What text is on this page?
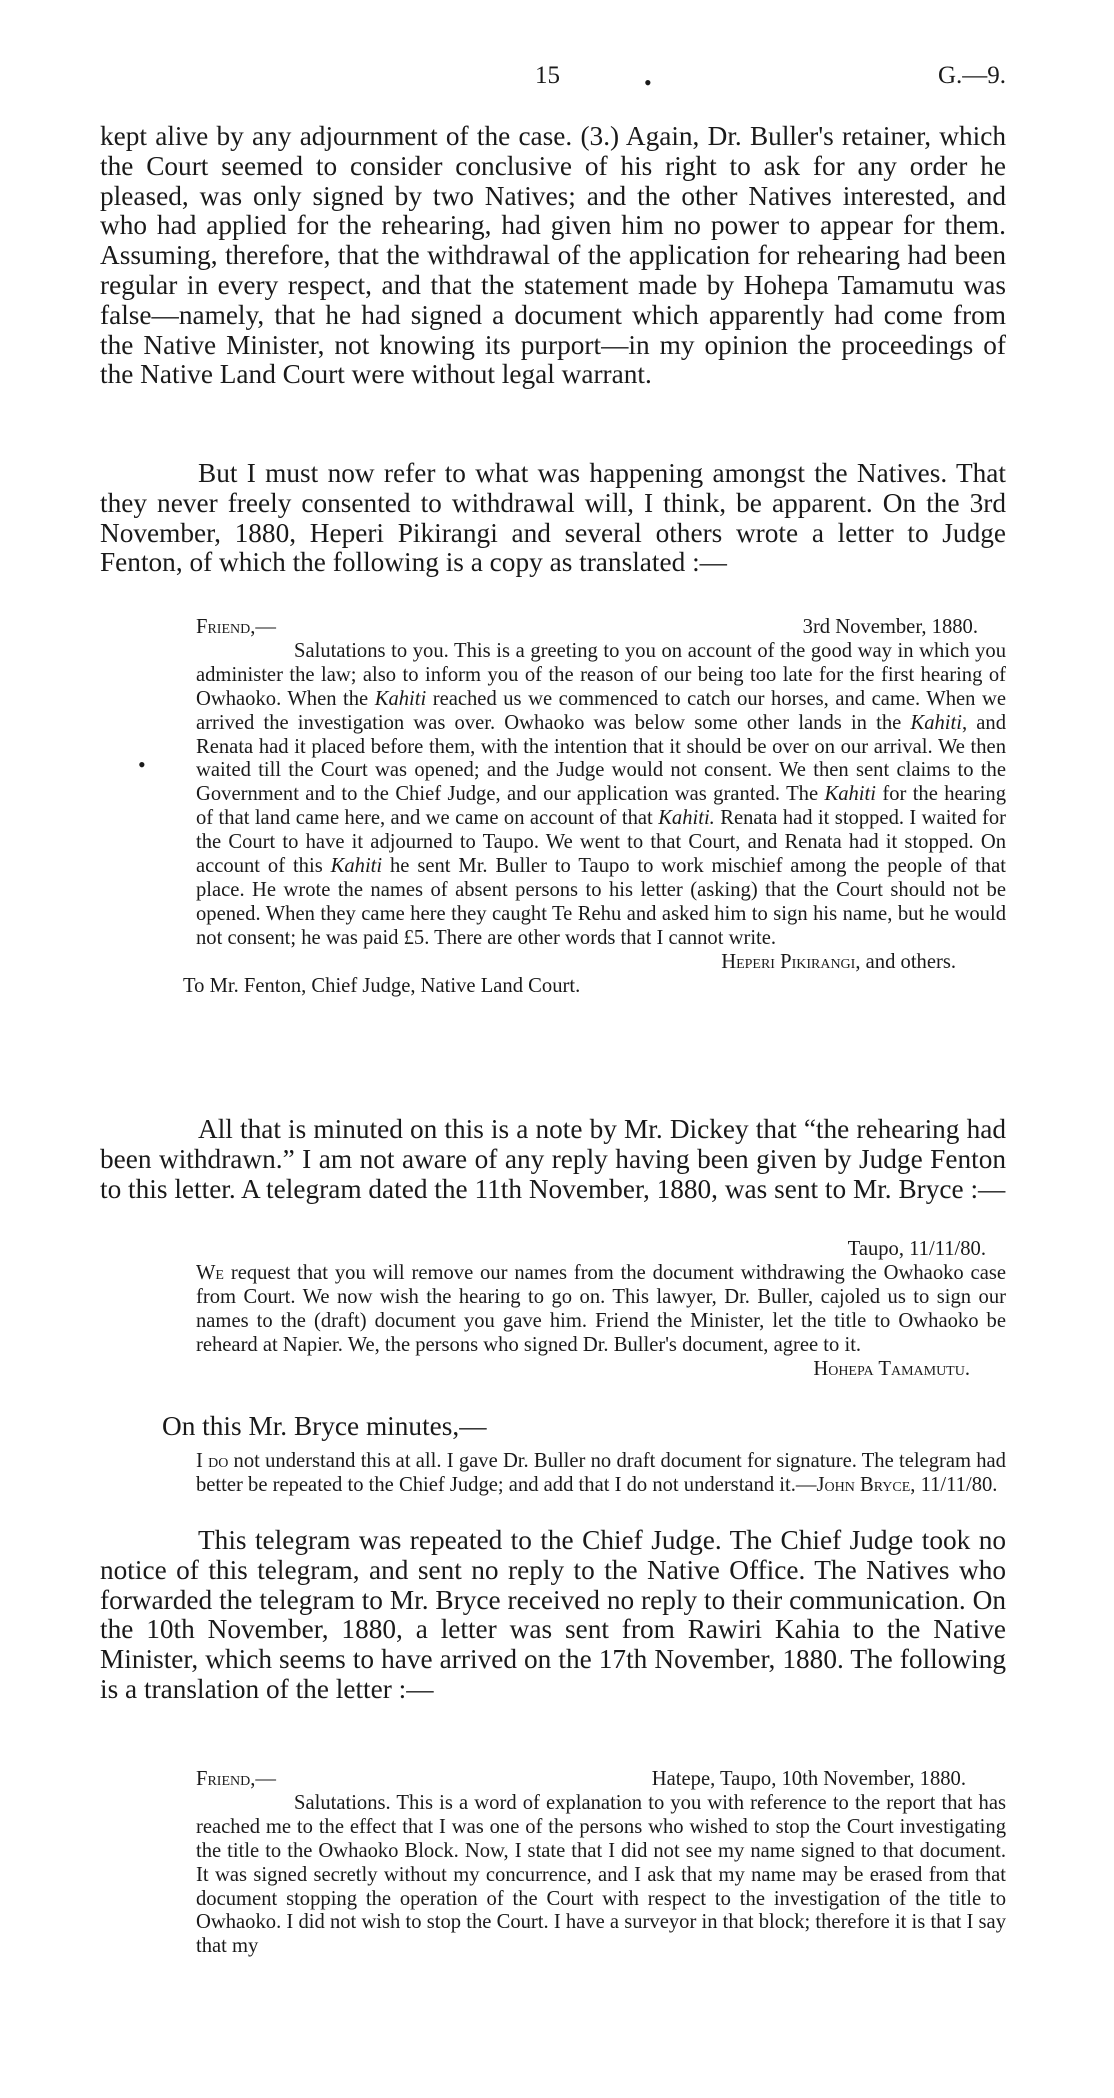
15	•	G.—9.

kept alive by any adjournment of the case. (3.) Again, Dr. Buller's retainer, which the Court seemed to consider conclusive of his right to ask for any order he pleased, was only signed by two Natives; and the other Natives interested, and who had applied for the rehearing, had given him no power to appear for them. Assuming, therefore, that the withdrawal of the application for rehearing had been regular in every respect, and that the statement made by Hohepa Tamamutu was false—namely, that he had signed a document which apparently had come from the Native Minister, not knowing its purport—in my opinion the proceedings of the Native Land Court were without legal warrant.

But I must now refer to what was happening amongst the Natives. That they never freely consented to withdrawal will, I think, be apparent. On the 3rd November, 1880, Heperi Pikirangi and several others wrote a letter to Judge Fenton, of which the following is a copy as translated :—

Friend,—	3rd November, 1880.

Salutations to you. This is a greeting to you on account of the good way in which you administer the law; also to inform you of the reason of our being too late for the first hearing of Owhaoko. When the Kahiti reached us we commenced to catch our horses, and came. When we arrived the investigation was over. Owhaoko was below some other lands in the Kahiti, and Renata had it placed before them, with the intention that it should be over on our arrival. We then waited till the Court was opened; and the Judge would not consent. We then sent claims to the Government and to the Chief Judge, and our application was granted. The Kahiti for the hearing of that land came here, and we came on account of that Kahiti. Renata had it stopped. I waited for the Court to have it adjourned to Taupo. We went to that Court, and Renata had it stopped. On account of this Kahiti he sent Mr. Buller to Taupo to work mischief among the people of that place. He wrote the names of absent persons to his letter (asking) that the Court should not be opened. When they came here they caught Te Rehu and asked him to sign his name, but he would not consent; he was paid £5. There are other words that I cannot write.

Heperi Pikirangi, and others.
To Mr. Fenton, Chief Judge, Native Land Court.
•

All that is minuted on this is a note by Mr. Dickey that “the rehearing had been withdrawn.” I am not aware of any reply having been given by Judge Fenton to this letter. A telegram dated the 11th November, 1880, was sent to Mr. Bryce :—

Taupo, 11/11/80.

We request that you will remove our names from the document withdrawing the Owhaoko case from Court. We now wish the hearing to go on. This lawyer, Dr. Buller, cajoled us to sign our names to the (draft) document you gave him. Friend the Minister, let the title to Owhaoko be reheard at Napier. We, the persons who signed Dr. Buller's document, agree to it.

Hohepa Tamamutu.

On this Mr. Bryce minutes,—

I do not understand this at all. I gave Dr. Buller no draft document for signature. The telegram had better be repeated to the Chief Judge; and add that I do not understand it.—John Bryce, 11/11/80.

This telegram was repeated to the Chief Judge. The Chief Judge took no notice of this telegram, and sent no reply to the Native Office. The Natives who forwarded the telegram to Mr. Bryce received no reply to their communication. On the 10th November, 1880, a letter was sent from Rawiri Kahia to the Native Minister, which seems to have arrived on the 17th November, 1880. The following is a translation of the letter :—

Friend,—	Hatepe, Taupo, 10th November, 1880.

Salutations. This is a word of explanation to you with reference to the report that has reached me to the effect that I was one of the persons who wished to stop the Court investigating the title to the Owhaoko Block. Now, I state that I did not see my name signed to that document. It was signed secretly without my concurrence, and I ask that my name may be erased from that document stopping the operation of the Court with respect to the investigation of the title to Owhaoko. I did not wish to stop the Court. I have a surveyor in that block; therefore it is that I say that my
